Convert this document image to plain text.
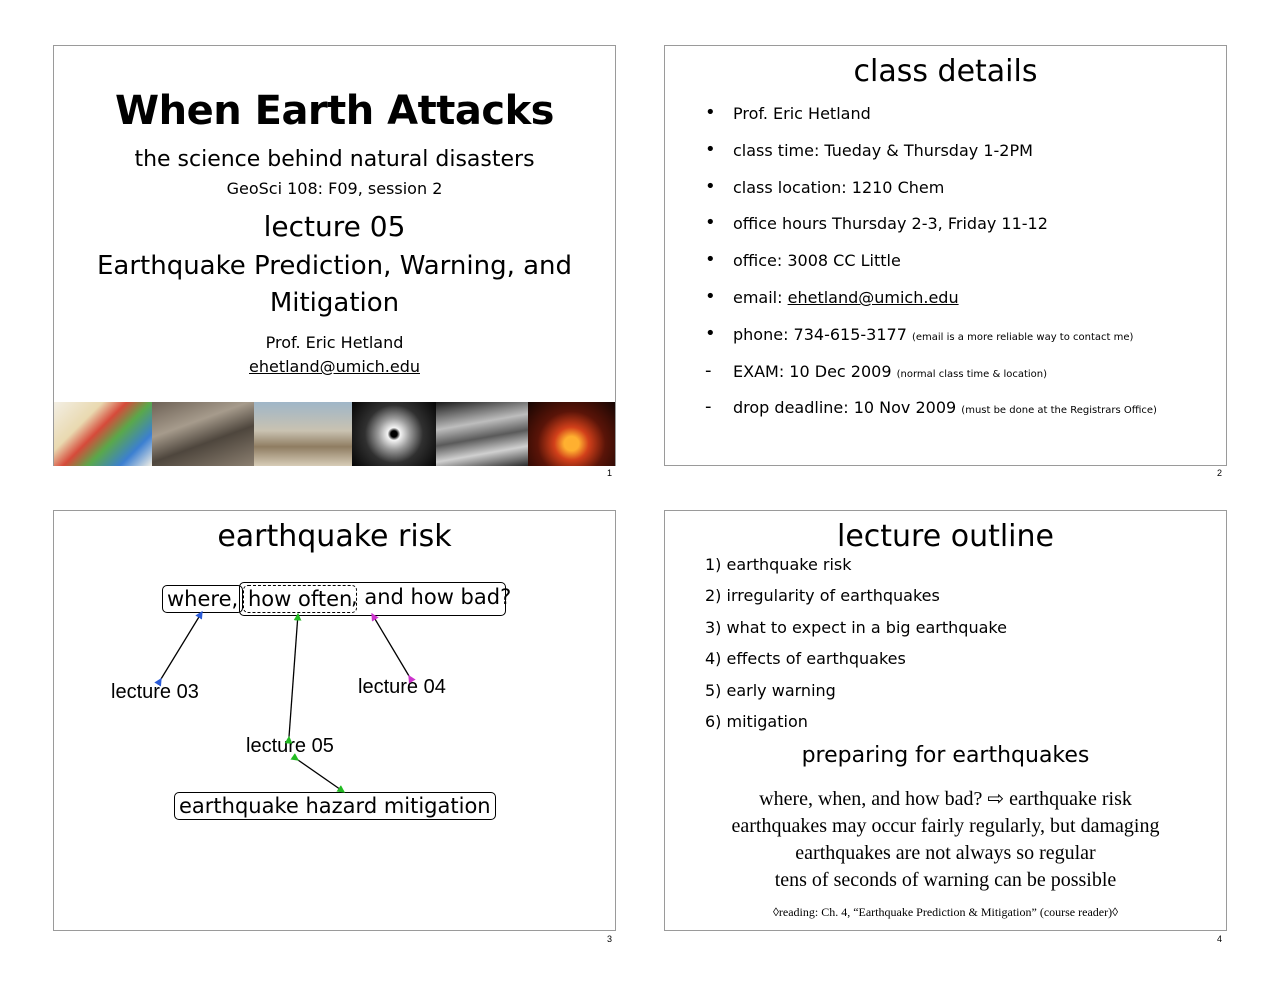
When Earth Attacks
the science behind natural disasters
GeoSci 108: F09, session 2
lecture 05
Earthquake Prediction, Warning, and Mitigation
Prof. Eric Hetland
ehetland@umich.edu
1
class details
• Prof. Eric Hetland
• class time: Tueday & Thursday 1-2PM
• class location: 1210 Chem
• office hours Thursday 2-3, Friday 11-12
• office: 3008 CC Little
• email: ehetland@umich.edu
• phone: 734-615-3177 (email is a more reliable way to contact me)
- EXAM: 10 Dec 2009 (normal class time & location)
- drop deadline: 10 Nov 2009 (must be done at the Registrars Office)
2
earthquake risk
where, how often
, and how bad?
lecture 03	lecture 04
lecture 05
earthquake hazard mitigation
3
lecture outline
1) earthquake risk
2) irregularity of earthquakes
3) what to expect in a big earthquake
4) effects of earthquakes
5) early warning
6) mitigation
preparing for earthquakes
where, when, and how bad? ⇨ earthquake risk
earthquakes may occur fairly regularly, but damaging
earthquakes are not always so regular
tens of seconds of warning can be possible
◊reading: Ch. 4, “Earthquake Prediction & Mitigation” (course reader)◊
4
